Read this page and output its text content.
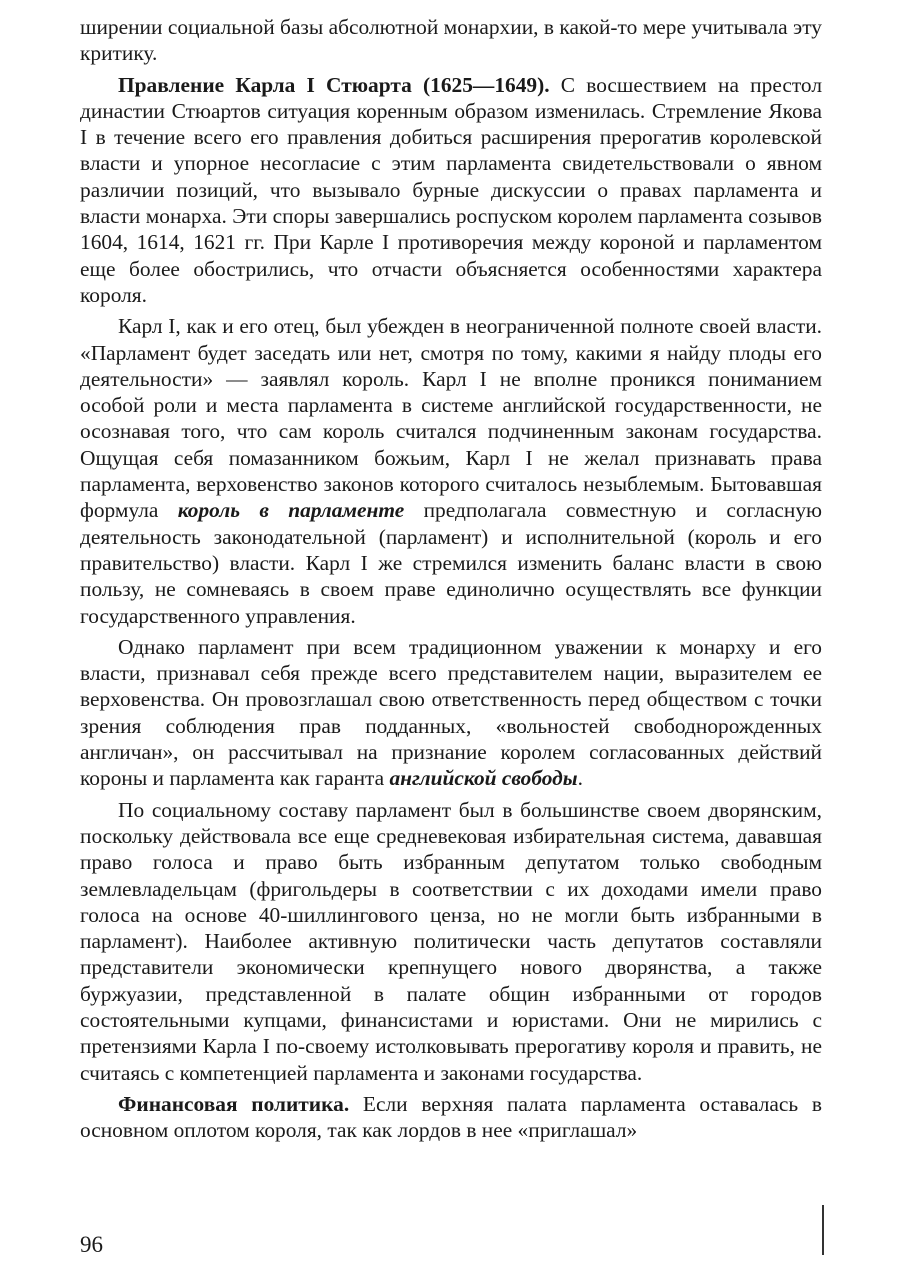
ширении социальной базы абсолютной монархии, в какой-то мере учитывала эту критику.

Правление Карла I Стюарта (1625—1649). С восшествием на престол династии Стюартов ситуация коренным образом изменилась. Стремление Якова I в течение всего его правления добиться расширения прерогатив королевской власти и упорное несогласие с этим парламента свидетельствовали о явном различии позиций, что вызывало бурные дискуссии о правах парламента и власти монарха. Эти споры завершались роспуском королем парламента созывов 1604, 1614, 1621 гг. При Карле I противоречия между короной и парламентом еще более обострились, что отчасти объясняется особенностями характера короля.

Карл I, как и его отец, был убежден в неограниченной полноте своей власти. «Парламент будет заседать или нет, смотря по тому, какими я найду плоды его деятельности» — заявлял король. Карл I не вполне проникся пониманием особой роли и места парламента в системе английской государственности, не осознавая того, что сам король считался подчиненным законам государства. Ощущая себя помазанником божьим, Карл I не желал признавать права парламента, верховенство законов которого считалось незыблемым. Бытовавшая формула король в парламенте предполагала совместную и согласную деятельность законодательной (парламент) и исполнительной (король и его правительство) власти. Карл I же стремился изменить баланс власти в свою пользу, не сомневаясь в своем праве единолично осуществлять все функции государственного управления.

Однако парламент при всем традиционном уважении к монарху и его власти, признавал себя прежде всего представителем нации, выразителем ее верховенства. Он провозглашал свою ответственность перед обществом с точки зрения соблюдения прав подданных, «вольностей свободнорожденных англичан», он рассчитывал на признание королем согласованных действий короны и парламента как гаранта английской свободы.

По социальному составу парламент был в большинстве своем дворянским, поскольку действовала все еще средневековая избирательная система, дававшая право голоса и право быть избранным депутатом только свободным землевладельцам (фригольдеры в соответствии с их доходами имели право голоса на основе 40-шиллингового ценза, но не могли быть избранными в парламент). Наиболее активную политически часть депутатов составляли представители экономически крепнущего нового дворянства, а также буржуазии, представленной в палате общин избранными от городов состоятельными купцами, финансистами и юристами. Они не мирились с претензиями Карла I по-своему истолковывать прерогативу короля и править, не считаясь с компетенцией парламента и законами государства.

Финансовая политика. Если верхняя палата парламента оставалась в основном оплотом короля, так как лордов в нее «приглашал»

96
